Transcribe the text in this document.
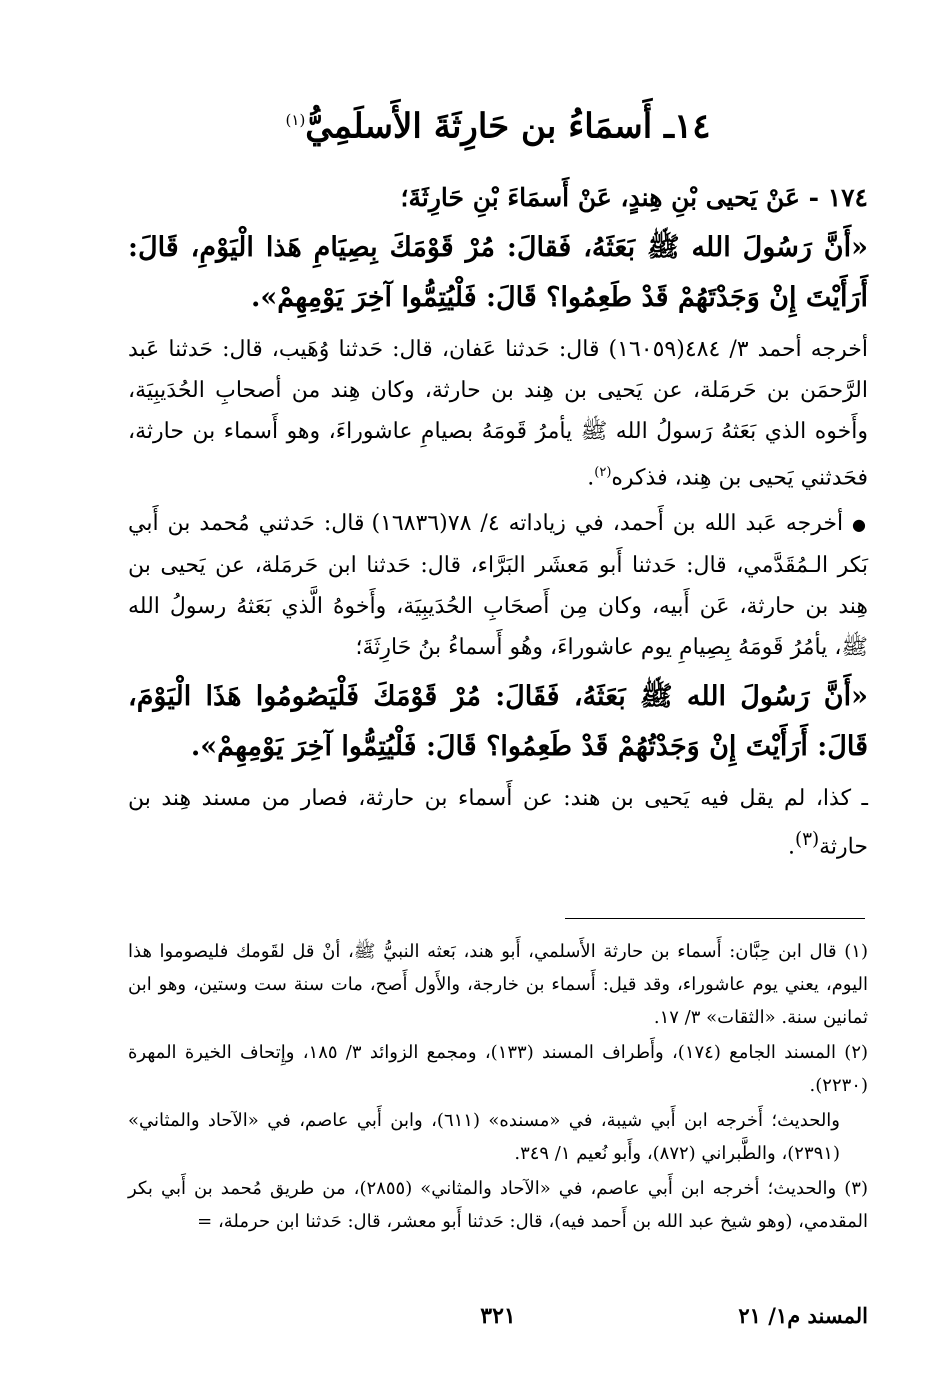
١٤ـ أَسمَاءُ بن حَارِثَةَ الأَسلَمِيُّ$^{(١)}$

١٧٤ - عَنْ يَحيى بْنِ هِندٍ، عَنْ أَسمَاءَ بْنِ حَارِثَةَ؛

«أَنَّ رَسُولَ الله ﷺ بَعَثَهُ، فَقالَ: مُرْ قَوْمَكَ بِصِيَامِ هَذا الْيَوْمِ، قَالَ: أَرَأَيْتَ إِنْ وَجَدْتَهُمْ قَدْ طَعِمُوا؟ قَالَ: فَلْيُتِمُّوا آخِرَ يَوْمِهِمْ».

أخرجه أحمد ٣/ ٤٨٤(١٦٠٥٩) قال: حَدثنا عَفان، قال: حَدثنا وُهَيب، قال: حَدثنا عَبد الرَّحمَن بن حَرمَلة، عن يَحيى بن هِند بن حارثة، وكان هِند من أصحابِ الحُدَيبِيَة، وأَخوه الذي بَعَثهُ رَسولُ الله ﷺ يأمرُ قَومَهُ بصيامِ عاشوراءَ، وهو أَسماء بن حارثة، فحَدثني يَحيى بن هِند، فذكره$^{(٢)}$.

● أخرجه عَبد الله بن أَحمد، في زياداته ٤/ ٧٨(١٦٨٣٦) قال: حَدثني مُحمد بن أَبي بَكر الـمُقَدَّمي، قال: حَدثنا أَبو مَعشَر البَرَّاء، قال: حَدثنا ابن حَرمَلة، عن يَحيى بن هِند بن حارثة، عَن أَبيه، وكان مِن أَصحَابِ الحُدَيبِيَة، وأَخوهُ الَّذي بَعَثهُ رسولُ الله ﷺ، يأمُرُ قَومَهُ بِصِيامِ يوم عاشوراءَ، وهُو أَسماءُ بنُ حَارِثَةَ؛

«أَنَّ رَسُولَ الله ﷺ بَعَثَهُ، فَقَالَ: مُرْ قَوْمَكَ فَلْيَصُومُوا هَذَا الْيَوْمَ، قَالَ: أَرَأَيْتَ إِنْ وَجَدْتُهُمْ قَدْ طَعِمُوا؟ قَالَ: فَلْيُتِمُّوا آخِرَ يَوْمِهِمْ».

ـ كذا، لم يقل فيه يَحيى بن هند: عن أَسماء بن حارثة، فصار من مسند هِند بن حارثة$^{(٣)}$.

(١) قال ابن حِبَّان: أَسماء بن حارثة الأَسلمي، أَبو هند، بَعثه النبيُّ ﷺ، أنْ قل لقَومك فليصوموا هذا اليوم، يعني يوم عاشوراء، وقد قيل: أَسماء بن خارجة، والأَول أَصح، مات سنة ست وستين، وهو ابن ثمانين سنة. «الثقات» ٣/ ١٧.

(٢) المسند الجامع (١٧٤)، وأَطراف المسند (١٣٣)، ومجمع الزوائد ٣/ ١٨٥، وإِتحاف الخيرة المهرة (٢٢٣٠).

والحديث؛ أَخرجه ابن أَبي شيبة، في «مسنده» (٦١١)، وابن أَبي عاصم، في «الآحاد والمثاني» (٢٣٩١)، والطَّبراني (٨٧٢)، وأَبو نُعيم ١/ ٣٤٩.

(٣) والحديث؛ أخرجه ابن أَبي عاصم، في «الآحاد والمثاني» (٢٨٥٥)، من طريق مُحمد بن أَبي بكر المقدمي، (وهو شيخ عبد الله بن أَحمد فيه)، قال: حَدثنا أَبو معشر، قال: حَدثنا ابن حرملة، =

المسند م١/ ٢١
٣٢١
